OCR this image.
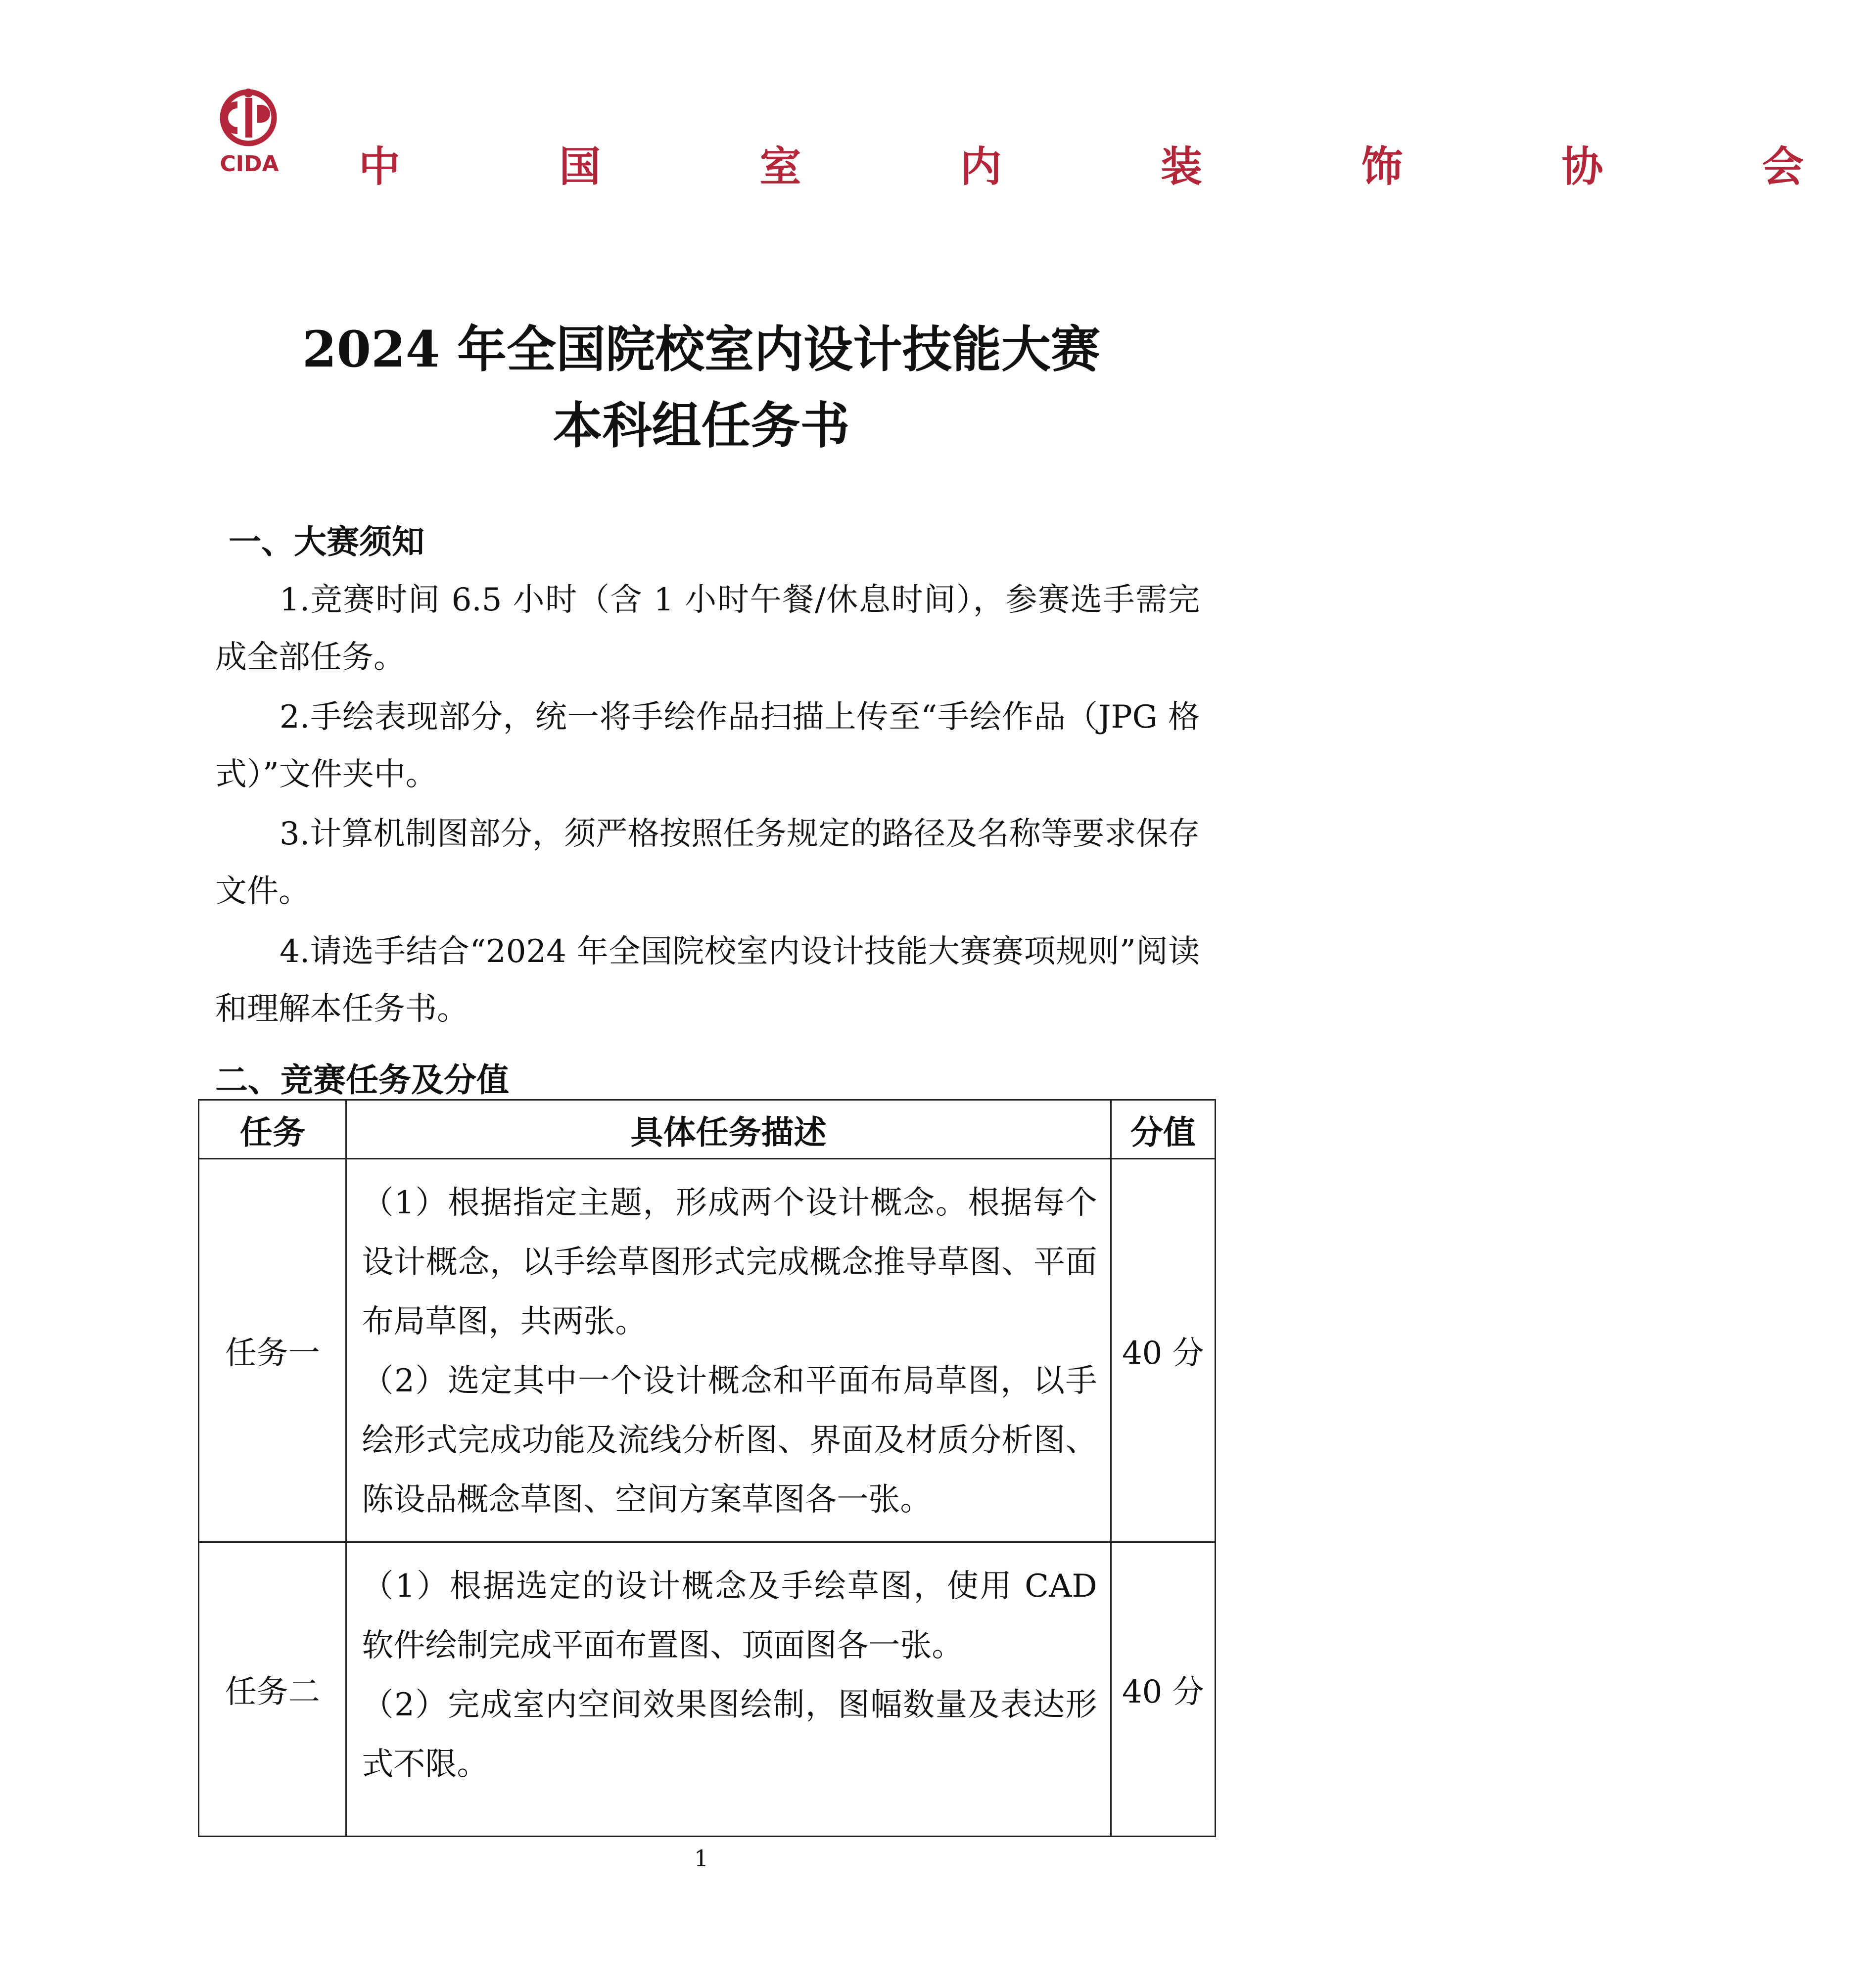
CIDA 中 国 室 内 装 饰 协 会
2024 年全国院校室内设计技能大赛
本科组任务书
一、大赛须知
1.竞赛时间 6.5 小时（含 1 小时午餐/休息时间），参赛选手需完成全部任务。
2.手绘表现部分，统一将手绘作品扫描上传至“手绘作品（JPG 格式）”文件夹中。
3.计算机制图部分，须严格按照任务规定的路径及名称等要求保存文件。
4.请选手结合“2024 年全国院校室内设计技能大赛赛项规则”阅读和理解本任务书。
二、竞赛任务及分值
任务	具体任务描述	分值
任务一	（1）根据指定主题，形成两个设计概念。根据每个设计概念，以手绘草图形式完成概念推导草图、平面布局草图，共两张。

（2）选定其中一个设计概念和平面布局草图，以手绘形式完成功能及流线分析图、界面及材质分析图、陈设品概念草图、空间方案草图各一张。	40 分
任务二	（1）根据选定的设计概念及手绘草图，使用 CAD 软件绘制完成平面布置图、顶面图各一张。

（2）完成室内空间效果图绘制，图幅数量及表达形式不限。	40 分
1
